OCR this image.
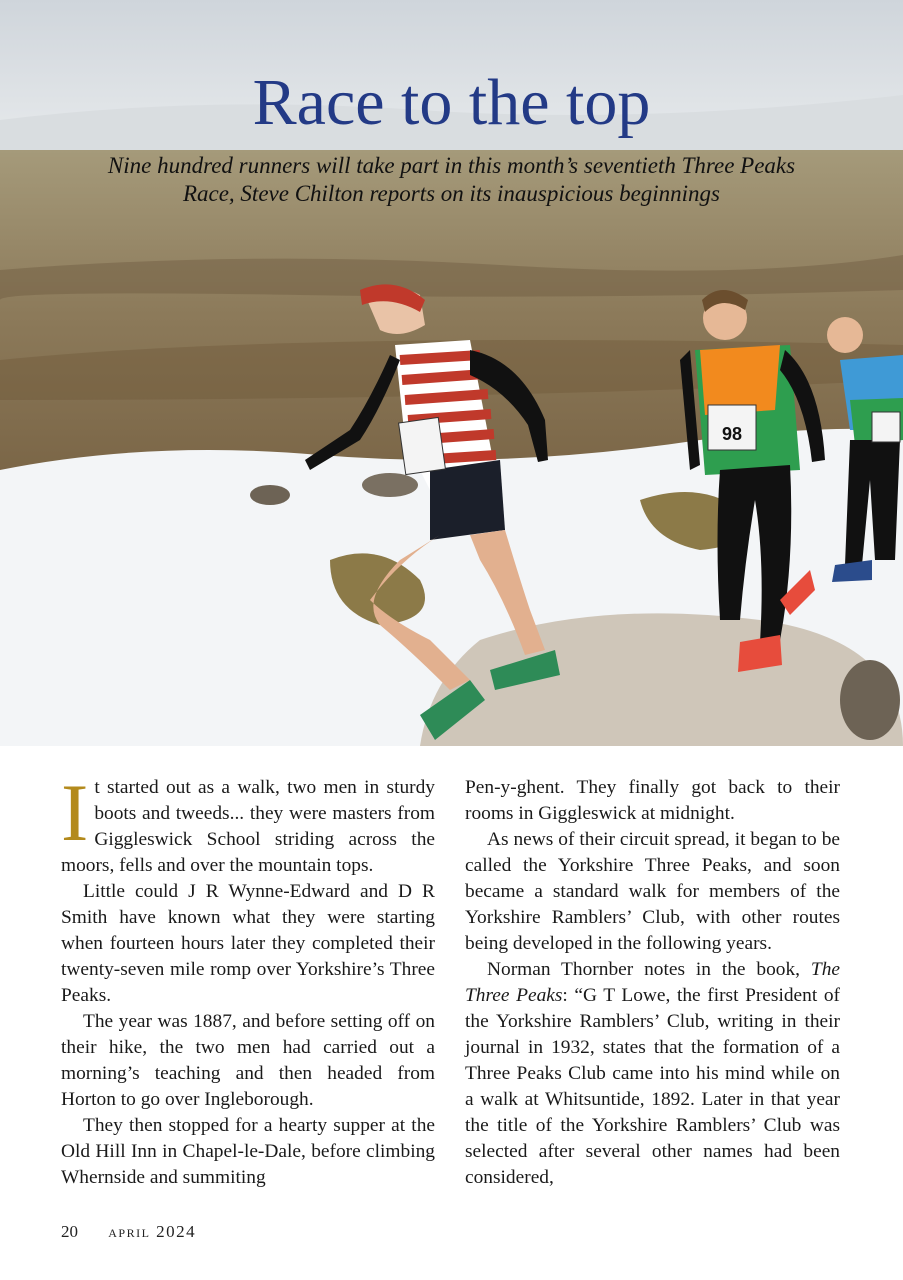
98
Race to the top
Nine hundred runners will take part in this month’s seventieth Three Peaks
Race, Steve Chilton reports on its inauspicious beginnings

It started out as a walk, two men in sturdy boots and tweeds... they were masters from Giggleswick School striding across the moors, fells and over the mountain tops.

Little could J R Wynne-Edward and D R Smith have known what they were starting when fourteen hours later they completed their twenty-seven mile romp over Yorkshire’s Three Peaks.

The year was 1887, and before setting off on their hike, the two men had carried out a morning’s teaching and then headed from Horton to go over Ingleborough.

They then stopped for a hearty supper at the Old Hill Inn in Chapel-le-Dale, before climbing Whernside and summiting

Pen-y-ghent. They finally got back to their rooms in Giggleswick at midnight.

As news of their circuit spread, it began to be called the Yorkshire Three Peaks, and soon became a standard walk for members of the Yorkshire Ramblers’ Club, with other routes being developed in the following years.

Norman Thornber notes in the book, The Three Peaks: “G T Lowe, the first President of the Yorkshire Ramblers’ Club, writing in their journal in 1932, states that the formation of a Three Peaks Club came into his mind while on a walk at Whitsuntide, 1892. Later in that year the title of the Yorkshire Ramblers’ Club was selected after several other names had been considered,

20 april 2024
